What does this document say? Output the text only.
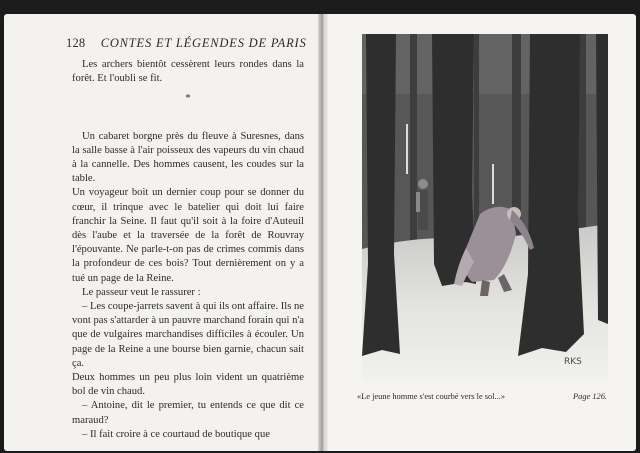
128 CONTES ET LÉGENDES DE PARIS

Les archers bientôt cessèrent leurs rondes dans la forêt. Et l'oubli se fit.

*

Un cabaret borgne près du fleuve à Suresnes, dans la salle basse à l'air poisseux des vapeurs du vin chaud à la cannelle. Des hommes causent, les coudes sur la table.

Un voyageur boit un dernier coup pour se donner du cœur, il trinque avec le batelier qui doit lui faire franchir la Seine. Il faut qu'il soit à la foire d'Auteuil dès l'aube et la traversée de la forêt de Rouvray l'épouvante. Ne parle-t-on pas de crimes commis dans la profondeur de ces bois? Tout dernièrement on y a tué un page de la Reine.

Le passeur veut le rassurer :

– Les coupe-jarrets savent à qui ils ont affaire. Ils ne vont pas s'attarder à un pauvre marchand forain qui n'a que de vulgaires marchandises difficiles à écouler. Un page de la Reine a une bourse bien garnie, chacun sait ça.

Deux hommes un peu plus loin vident un quatrième bol de vin chaud.

– Antoine, dit le premier, tu entends ce que dit ce maraud?

– Il fait croire à ce courtaud de boutique que

RKS
«Le jeune homme s'est courbé vers le sol...»	Page 126.
